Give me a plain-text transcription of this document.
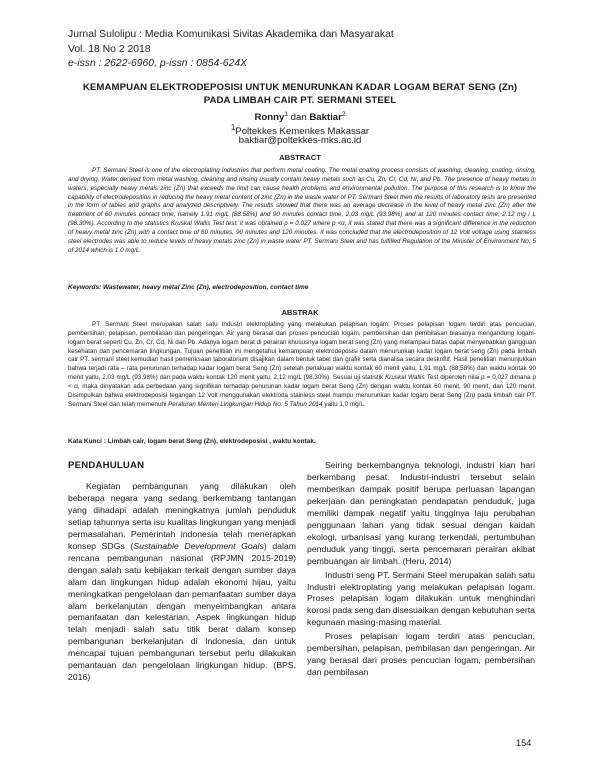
Jurnal Sulolipu : Media Komunikasi Sivitas Akademika dan Masyarakat
Vol. 18 No 2 2018
e-issn : 2622-6960, p-issn : 0854-624X
KEMAMPUAN ELEKTRODEPOSISI UNTUK MENURUNKAN KADAR LOGAM BERAT SENG (Zn)
PADA LIMBAH CAIR PT. SERMANI STEEL
Ronny$^1$ dan Baktiar$^2$
$^1$Poltekkes Kemenkes Makassar
baktiar@poltekkes-mks.ac.id
ABSTRACT
PT. Sermani Steel is one of the electroplating Industries that perform metal coating. The metal coating process consists of washing, cleaning, coating, rinsing, and drying. Water derived from metal washing, cleaning and rinsing usually contain heavy metals such as Cu, Zn, Cr, Cd, Ni, and Pb. The presence of heavy metals in waters, especially heavy metals zinc (Zn) that exceeds the limit can cause health problems and environmental pollution. The purpose of this research is to know the capability of electrodeposition in reducing the heavy metal content of zinc (Zn) in the waste water of PT. Sermani Steel then the results of laboratory tests are presented in the form of tables and graphs and analyzed descriptively. The results showed that there was an average decrease in the level of heavy metal zinc (Zn) after the treatment of 60 minutes contact time, namely 1.91 mg/L (88.58%) and 90 minutes contact time, 2.03 mg/L (93.98%) and at 120 minutes contact time, 2.12 mg / L (98.30%). According to the statistics Kruskal Wallis Test test, it was obtained p = 0.027 where p <α, it was stated that there was a significant difference in the reduction of heavy metal zinc (Zn) with a contact time of 60 minutes, 90 minutes and 120 minutes. It was concluded that the electrodeposition of 12 Volt voltage using stainless steel electrodes was able to reduce levels of heavy metals zinc (Zn) in waste water PT. Sermani Steel and has fulfilled Regulation of the Minister of Environment No. 5 of 2014 which is 1.0 mg/L.
Keywords: Wastewater, heavy metal Zinc (Zn), electrodeposition, contact time
ABSTRAK
PT. Sermani Steel merupakan salah satu Industri elektroplating yang melakukan pelapisan logam. Proses pelapisan logam terdiri atas pencucian, pembersihan, pelapisan, pembilasan dan pengeringan. Air yang berasal dari proses pencucian logam, pembersihan dan pembilasan biasanya mengandung logam-logam berat seperti Cu, Zn, Cr, Cd, Ni dan Pb. Adanya logam berat di perairan khususnya logam berat seng (Zn) yang melampaui batas dapat menyebabkan gangguan kesehatan dan pencemaran lingkungan. Tujuan penelitian ini mengetahui kemampuan elektrodeposisi dalam menurunkan kadar logam berat seng (Zn) pada limbah cair PT. sermani steel kemudian hasil pemeriksaan laboratorium disajikan dalam bentuk tabel dan grafik serta dianalisa secara deskriftif. Hasil penelitian menunjukkan bahwa terjadi rata – rata penurunan terhadap kadar logam berat Seng (Zn) setelah perlakuan waktu kontak 60 menit yaitu, 1,91 mg/L (88,58%) dan waktu kontak 90 menit yaitu, 2,03 mg/L (93,98%) dan pada waktu kontak 120 menit yaitu, 2,12 mg/L (98,30%). Sesuai uji statistik Kruskal Wallis Test diperoleh nilai p = 0,027 dimana p < α, maka dinyatakan ada perbedaan yang signifikan terhadap penurunan kadar logam berat Seng (Zn) dengan waktu kontak 60 menit, 90 menit, dan 120 menit. Disimpulkan bahwa elektrodeposisi tegangan 12 Volt menggunakan elektroda stainless steel mampu menurunkan kadar logam berat Seng (Zn) pada limbah cair PT. Sermani Steel dan telah memenuhi Peraturan Menteri Lingkungan Hidup No. 5 Tahun 2014 yaitu 1,0 mg/L.
Kata Kunci : Limbah cair, logam berat Seng (Zn), elektrodeposisi , waktu kontak.
PENDAHULUAN

Kegiatan pembangunan yang dilakukan oleh beberapa negara yang sedang berkembang tantangan yang dihadapi adalah meningkatnya jumlah penduduk setiap tahunnya serta isu kualitas lingkungan yang menjadi permasalahan. Pemerintah indonesia telah menerapkan konsep SDGs (Sustainable Development Goals) dalam rencana pembangunan nasional (RPJMN 2015-2019) dengan salah satu kebijakan terkait dengan sumber daya alam dan lingkungan hidup adalah ekonomi hijau, yaitu meningkatkan pengelolaan dan pemanfaatan sumber daya alam berkelanjutan dengan menyeimbangkan antara pemanfaatan dan kelestarian. Aspek lingkungan hidup telah menjadi salah satu titik berat dalam konsep pembangunan berkelanjutan di Indonesia, dan untuk mencapai tujuan pembangunan tersebut perlu dilakukan pemantauan dan pengelolaan lingkungan hidup. (BPS, 2016)

Seiring berkembangnya teknologi, industri kian hari berkembang pesat. Industri-industri tersebut selain memberikan dampak positif berupa perluasan lapangan pekerjaan dan peningkatan pendapatan penduduk, juga memiliki dampak negatif yaitu tingginya laju perubahan penggunaan lahan yang tidak sesuai dengan kaidah ekologi, urbanisasi yang kurang terkendali, pertumbuhan penduduk yang tinggi, serta pencemaran perairan akibat pembuangan air limbah. (Heru, 2014)

Industri seng PT. Sermani Steel merupakan salah satu Industri elektroplating yang melakukan pelapisan logam. Proses pelapisan logam dilakukan untuk menghindari korosi pada seng dan disesuaikan dengan kebutuhan serta kegunaan masing-masing material.

Proses pelapisan logam terdiri atas pencucian, pembersihan, pelapisan, pembilasan dan pengeringan. Air yang berasal dari proses pencucian logam, pembersihan dan pembilasan

154
